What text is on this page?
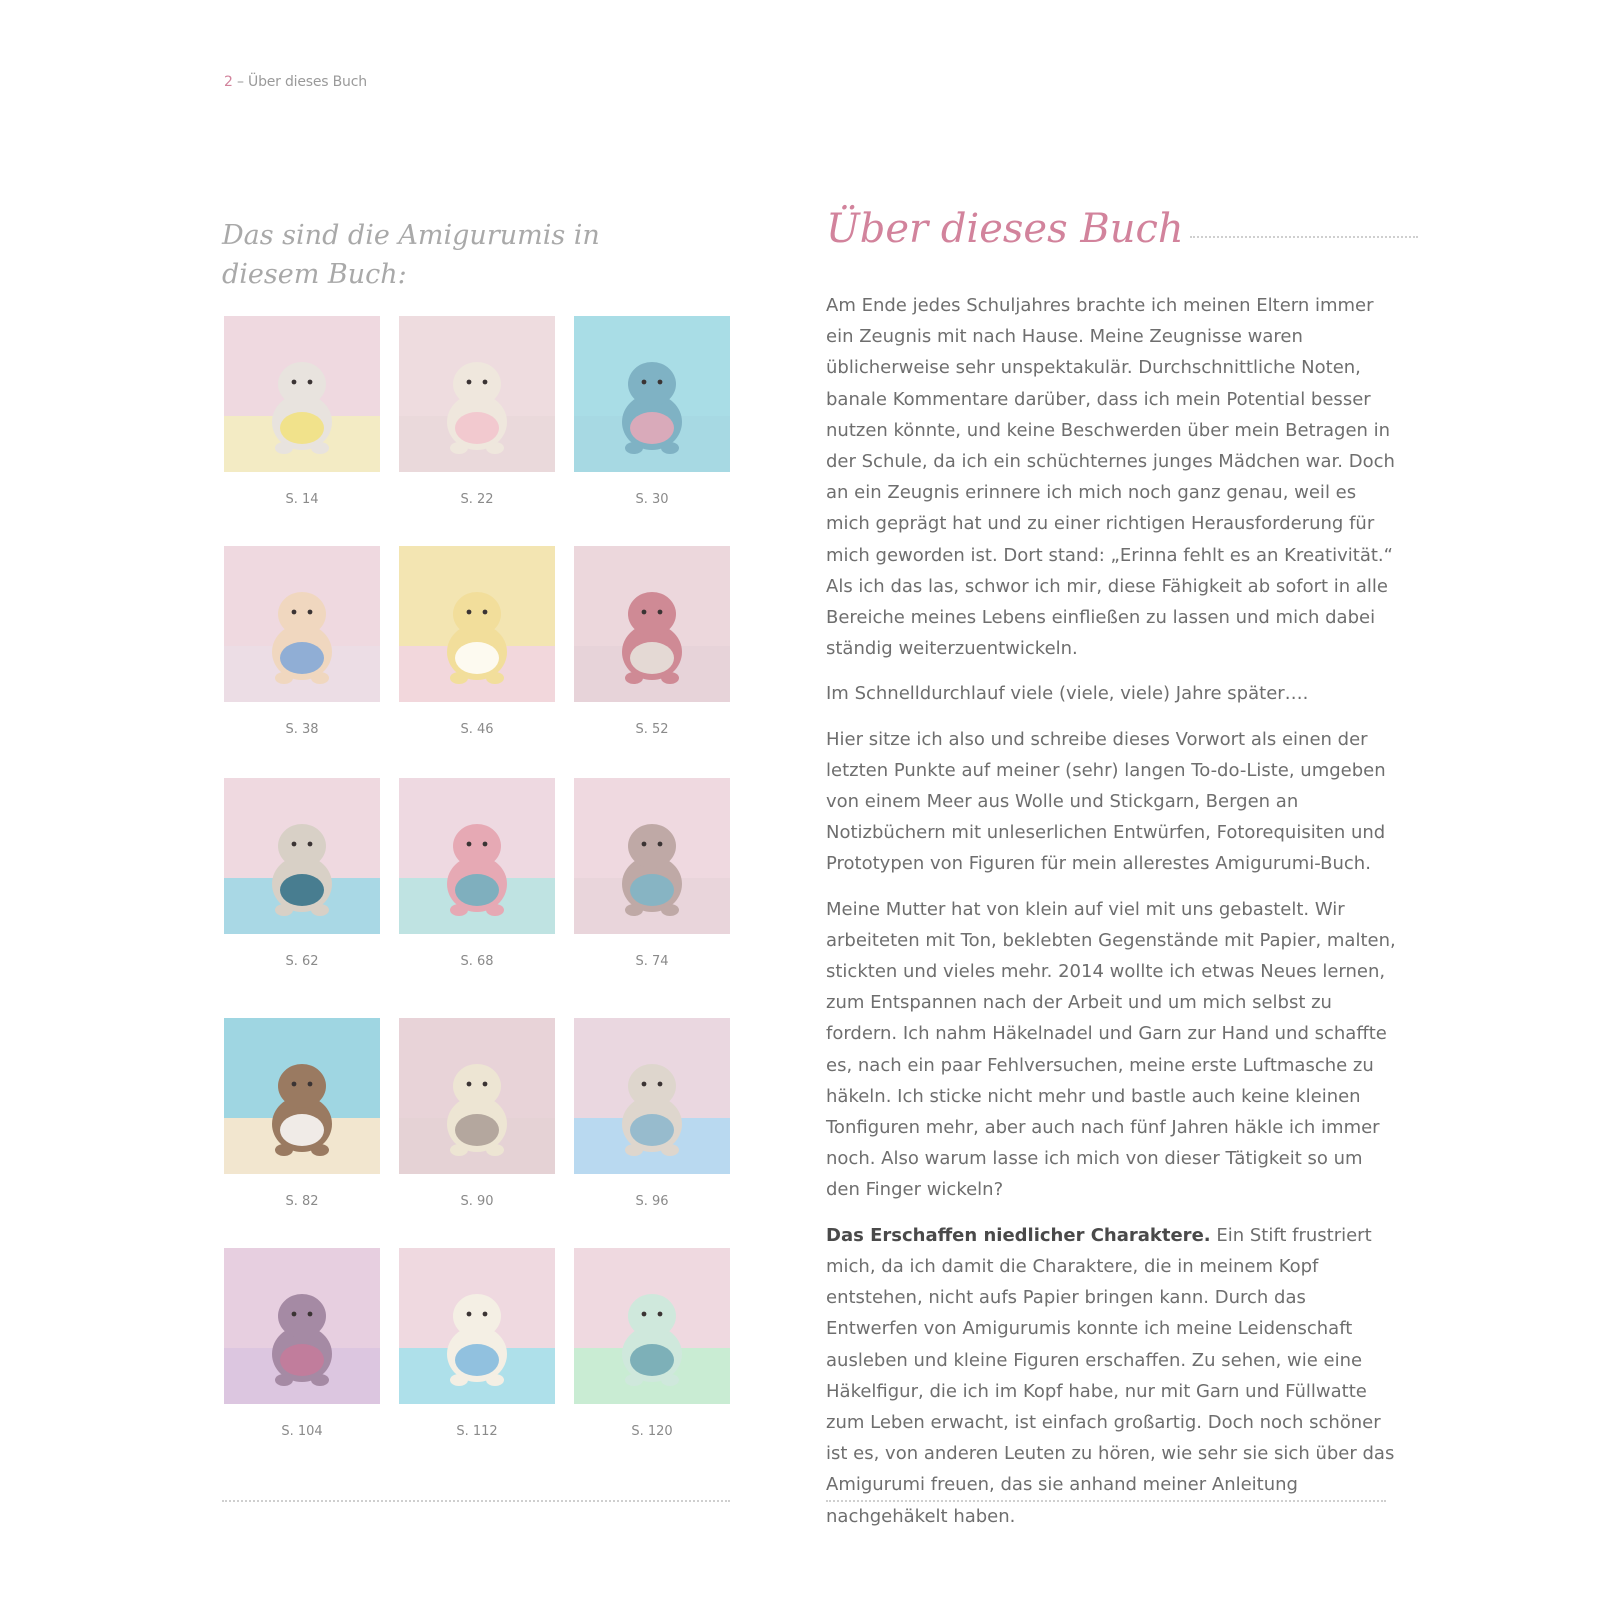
2 – Über dieses Buch
Das sind die Amigurumis in diesem Buch:
S. 14	S. 22	S. 30
S. 38	S. 46	S. 52
S. 62	S. 68	S. 74
S. 82	S. 90	S. 96
S. 104	S. 112	S. 120
Über dieses Buch

Am Ende jedes Schuljahres brachte ich meinen Eltern immer ein Zeugnis mit nach Hause. Meine Zeugnisse waren üblicherweise sehr unspektakulär. Durchschnittliche Noten, banale Kommentare darüber, dass ich mein Potential besser nutzen könnte, und keine Beschwerden über mein Betragen in der Schule, da ich ein schüchternes junges Mädchen war. Doch an ein Zeugnis erinnere ich mich noch ganz genau, weil es mich geprägt hat und zu einer richtigen Herausforderung für mich geworden ist. Dort stand: „Erinna fehlt es an Kreativität.“ Als ich das las, schwor ich mir, diese Fähigkeit ab sofort in alle Bereiche meines Lebens einfließen zu lassen und mich dabei ständig weiterzuentwickeln.

Im Schnelldurchlauf viele (viele, viele) Jahre später….

Hier sitze ich also und schreibe dieses Vorwort als einen der letzten Punkte auf meiner (sehr) langen To-do-Liste, umgeben von einem Meer aus Wolle und Stickgarn, Bergen an Notizbüchern mit unleserlichen Entwürfen, Fotorequisiten und Prototypen von Figuren für mein allerestes Amigurumi-Buch.

Meine Mutter hat von klein auf viel mit uns gebastelt. Wir arbeiteten mit Ton, beklebten Gegenstände mit Papier, malten, stickten und vieles mehr. 2014 wollte ich etwas Neues lernen, zum Entspannen nach der Arbeit und um mich selbst zu fordern. Ich nahm Häkelnadel und Garn zur Hand und schaffte es, nach ein paar Fehlversuchen, meine erste Luftmasche zu häkeln. Ich sticke nicht mehr und bastle auch keine kleinen Tonfiguren mehr, aber auch nach fünf Jahren häkle ich immer noch. Also warum lasse ich mich von dieser Tätigkeit so um den Finger wickeln?

Das Erschaffen niedlicher Charaktere. Ein Stift frustriert mich, da ich damit die Charaktere, die in meinem Kopf entstehen, nicht aufs Papier bringen kann. Durch das Entwerfen von Amigurumis konnte ich meine Leidenschaft ausleben und kleine Figuren erschaffen. Zu sehen, wie eine Häkelfigur, die ich im Kopf habe, nur mit Garn und Füllwatte zum Leben erwacht, ist einfach großartig. Doch noch schöner ist es, von anderen Leuten zu hören, wie sehr sie sich über das Amigurumi freuen, das sie anhand meiner Anleitung nachgehäkelt haben.
